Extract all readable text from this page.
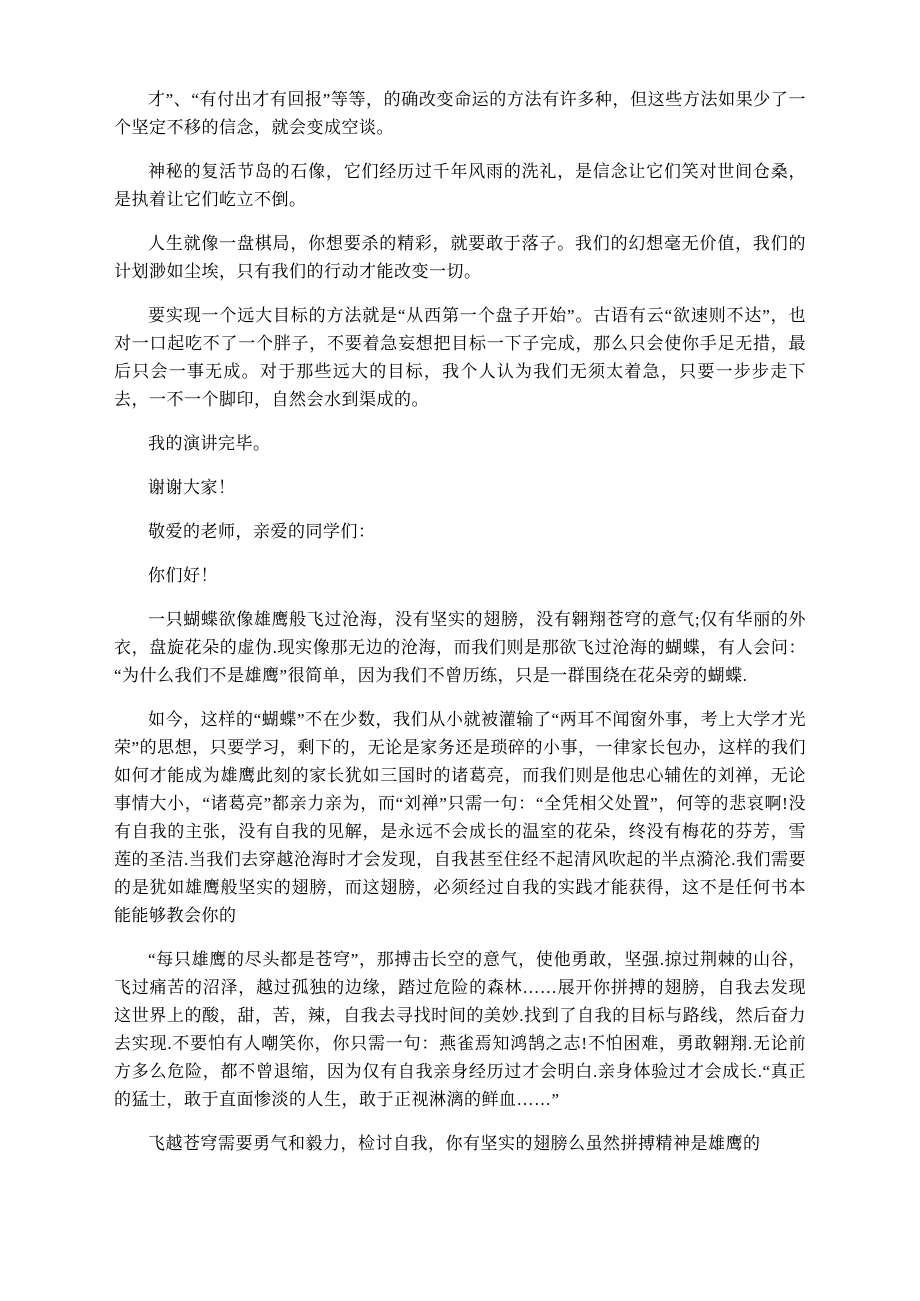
才”、“有付出才有回报”等等，的确改变命运的方法有许多种，但这些方法如果少了一个坚定不移的信念，就会变成空谈。

神秘的复活节岛的石像，它们经历过千年风雨的洗礼，是信念让它们笑对世间仓桑，是执着让它们屹立不倒。

人生就像一盘棋局，你想要杀的精彩，就要敢于落子。我们的幻想毫无价值，我们的计划渺如尘埃，只有我们的行动才能改变一切。

要实现一个远大目标的方法就是“从西第一个盘子开始”。古语有云“欲速则不达”，也对一口起吃不了一个胖子，不要着急妄想把目标一下子完成，那么只会使你手足无措，最后只会一事无成。对于那些远大的目标，我个人认为我们无须太着急，只要一步步走下去，一不一个脚印，自然会水到渠成的。

我的演讲完毕。

谢谢大家！

敬爱的老师，亲爱的同学们：

你们好！

一只蝴蝶欲像雄鹰般飞过沧海，没有坚实的翅膀，没有翱翔苍穹的意气;仅有华丽的外衣，盘旋花朵的虚伪.现实像那无边的沧海，而我们则是那欲飞过沧海的蝴蝶，有人会问：“为什么我们不是雄鹰”很简单，因为我们不曾历练，只是一群围绕在花朵旁的蝴蝶.

如今，这样的“蝴蝶”不在少数，我们从小就被灌输了“两耳不闻窗外事，考上大学才光荣”的思想，只要学习，剩下的，无论是家务还是琐碎的小事，一律家长包办，这样的我们如何才能成为雄鹰此刻的家长犹如三国时的诸葛亮，而我们则是他忠心辅佐的刘禅，无论事情大小，“诸葛亮”都亲力亲为，而“刘禅”只需一句：“全凭相父处置”，何等的悲哀啊!没有自我的主张，没有自我的见解，是永远不会成长的温室的花朵，终没有梅花的芬芳，雪莲的圣洁.当我们去穿越沧海时才会发现，自我甚至住经不起清风吹起的半点漪沦.我们需要的是犹如雄鹰般坚实的翅膀，而这翅膀，必须经过自我的实践才能获得，这不是任何书本能能够教会你的

“每只雄鹰的尽头都是苍穹”，那搏击长空的意气，使他勇敢，坚强.掠过荆棘的山谷，飞过痛苦的沼泽，越过孤独的边缘，踏过危险的森林……展开你拼搏的翅膀，自我去发现这世界上的酸，甜，苦，辣，自我去寻找时间的美妙.找到了自我的目标与路线，然后奋力去实现.不要怕有人嘲笑你，你只需一句：燕雀焉知鸿鹄之志!不怕困难，勇敢翱翔.无论前方多么危险，都不曾退缩，因为仅有自我亲身经历过才会明白.亲身体验过才会成长.“真正的猛士，敢于直面惨淡的人生，敢于正视淋漓的鲜血……”

飞越苍穹需要勇气和毅力，检讨自我，你有坚实的翅膀么虽然拼搏精神是雄鹰的
